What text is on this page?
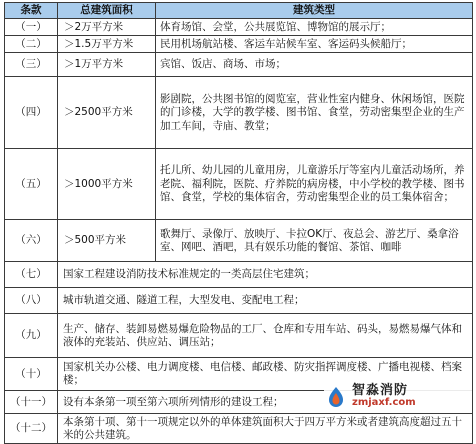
条款	总建筑面积	建筑类型
（一）	＞2万平方米	体育场馆、会堂，公共展览馆、博物馆的展示厅；
（二）	＞1.5万平方米	民用机场航站楼、客运车站候车室、客运码头候船厅；
（三）	＞1万平方米	宾馆、饭店、商场、市场；
（四）	＞2500平方米	影剧院，公共图书馆的阅览室，营业性室内健身、休闲场馆，医院的门诊楼，大学的教学楼、图书馆、食堂，劳动密集型企业的生产加工车间，寺庙、教堂；
（五）	＞1000平方米	托儿所、幼儿园的儿童用房，儿童游乐厅等室内儿童活动场所，养老院、福利院，医院、疗养院的病房楼，中小学校的教学楼、图书馆、食堂，学校的集体宿舍，劳动密集型企业的员工集体宿舍；
（六）	＞500平方米	歌舞厅、录像厅、放映厅、卡拉OK厅、夜总会、游艺厅、桑拿浴室、网吧、酒吧，具有娱乐功能的餐馆、茶馆、咖啡
（七）	国家工程建设消防技术标准规定的一类高层住宅建筑；	
（八）	城市轨道交通、隧道工程，大型发电、变配电工程；	
（九）	生产、储存、装卸易燃易爆危险物品的工厂、仓库和专用车站、码头，易燃易爆气体和液体的充装站、供应站、调压站；	
（十）	国家机关办公楼、电力调度楼、电信楼、邮政楼、防灾指挥调度楼、广播电视楼、档案楼；	
（十一）	设有本条第一项至第六项所列情形的建设工程；	
（十二）	本条第十项、第十一项规定以外的单体建筑面积大于四万平方米或者建筑高度超过五十米的公共建筑。	
智淼消防
zmjaxf.com
